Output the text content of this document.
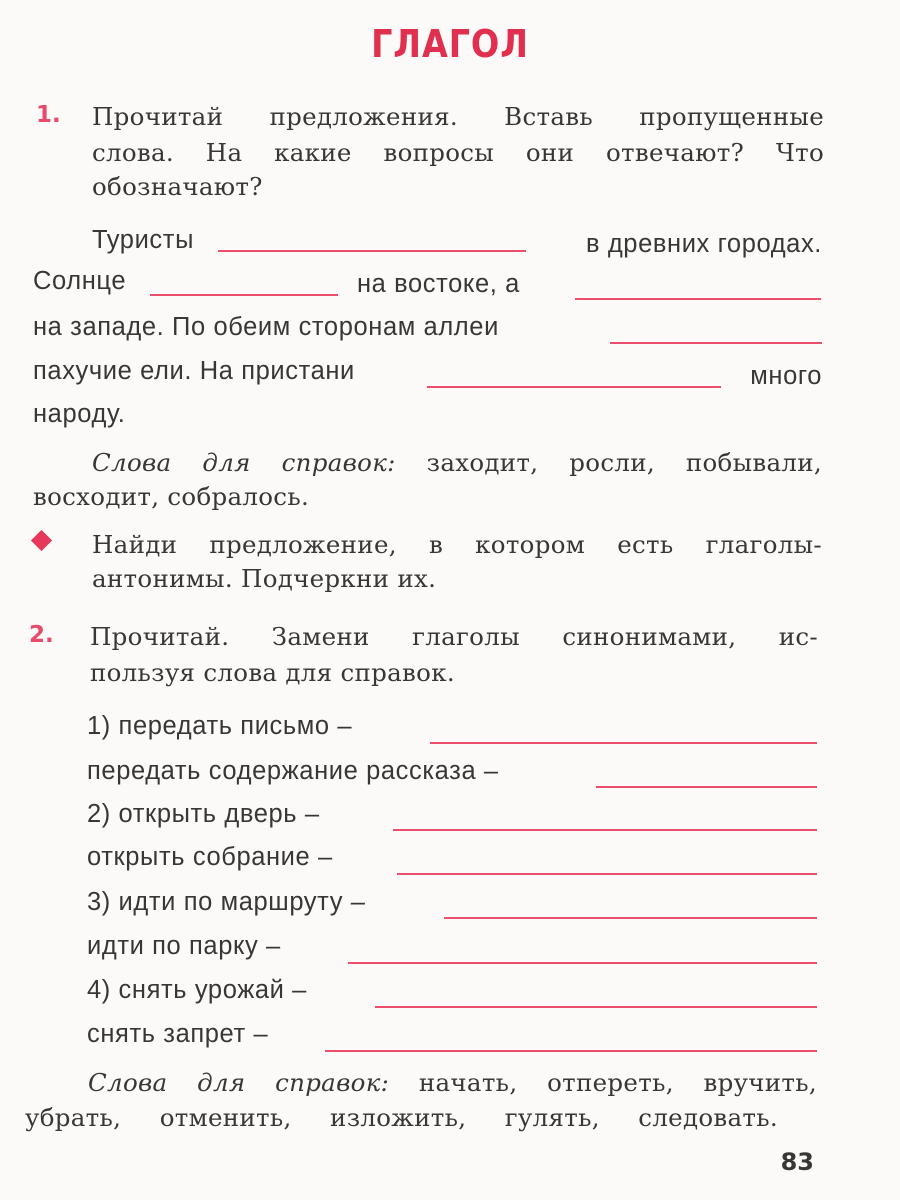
ГЛАГОЛ
1. Прочитай предложения. Вставь пропущенные
слова. На какие вопросы они отвечают? Что
обозначают?
Туристы	в древних городах.
Солнце	на востоке, а
на западе. По обеим сторонам аллеи
пахучие ели. На пристани	много
народу.
Слова для справок: заходит, росли, побывали,
восходит, собралось.
Найди предложение, в котором есть глаголы-
антонимы. Подчеркни их.
2. Прочитай. Замени глаголы синонимами, ис-
пользуя слова для справок.
1) передать письмо –
передать содержание рассказа –
2) открыть дверь –
открыть собрание –
3) идти по маршруту –
идти по парку –
4) снять урожай –
снять запрет –
Слова для справок: начать, отпереть, вручить,
убрать, отменить, изложить, гулять, следовать.
83
